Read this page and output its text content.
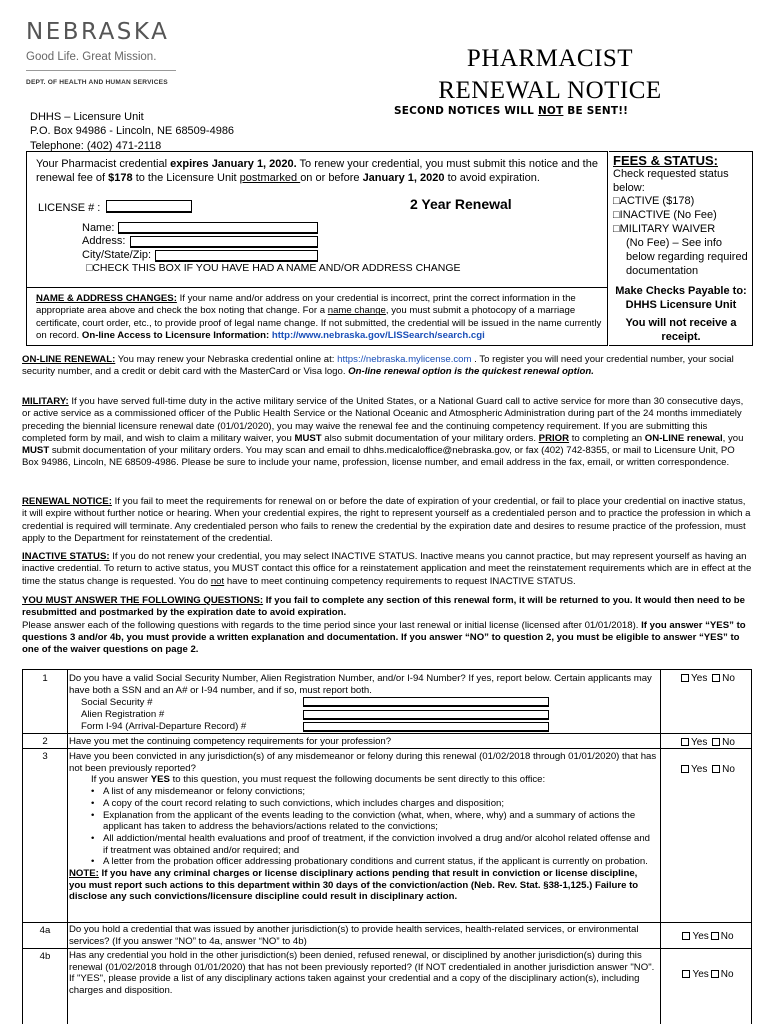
NEBRASKA
Good Life. Great Mission.
DEPT. OF HEALTH AND HUMAN SERVICES
PHARMACIST
RENEWAL NOTICE
SECOND NOTICES WILL NOT BE SENT!!
DHHS – Licensure Unit
P.O. Box 94986 - Lincoln, NE 68509-4986
Telephone: (402) 471-2118
Your Pharmacist credential expires January 1, 2020. To renew your credential, you must submit this notice and the renewal fee of $178 to the Licensure Unit postmarked on or before January 1, 2020 to avoid expiration.
LICENSE # :	2 Year Renewal
Name:
Address:
City/State/Zip:
□CHECK THIS BOX IF YOU HAVE HAD A NAME AND/OR ADDRESS CHANGE
NAME & ADDRESS CHANGES: If your name and/or address on your credential is incorrect, print the correct information in the appropriate area above and check the box noting that change. For a name change, you must submit a photocopy of a marriage certificate, court order, etc., to provide proof of legal name change. If not submitted, the credential will be issued in the name currently on record. On-line Access to Licensure Information: http://www.nebraska.gov/LISSearch/search.cgi
FEES & STATUS:
Check requested status below:
□ACTIVE ($178)
□INACTIVE (No Fee)
□MILITARY WAIVER
(No Fee) – See info below regarding required documentation
Make Checks Payable to: DHHS Licensure Unit
You will not receive a receipt.
ON-LINE RENEWAL: You may renew your Nebraska credential online at: https://nebraska.mylicense.com . To register you will need your credential number, your social security number, and a credit or debit card with the MasterCard or Visa logo. On-line renewal option is the quickest renewal option.
MILITARY: If you have served full-time duty in the active military service of the United States, or a National Guard call to active service for more than 30 consecutive days, or active service as a commissioned officer of the Public Health Service or the National Oceanic and Atmospheric Administration during part of the 24 months immediately preceding the biennial licensure renewal date (01/01/2020), you may waive the renewal fee and the continuing competency requirement. If you are submitting this completed form by mail, and wish to claim a military waiver, you MUST also submit documentation of your military orders. PRIOR to completing an ON-LINE renewal, you MUST submit documentation of your military orders. You may scan and email to dhhs.medicaloffice@nebraska.gov, or fax (402) 742-8355, or mail to Licensure Unit, PO Box 94986, Lincoln, NE 68509-4986. Please be sure to include your name, profession, license number, and email address in the fax, email, or written correspondence.
RENEWAL NOTICE: If you fail to meet the requirements for renewal on or before the date of expiration of your credential, or fail to place your credential on inactive status, it will expire without further notice or hearing. When your credential expires, the right to represent yourself as a credentialed person and to practice the profession in which a credential is required will terminate. Any credentialed person who fails to renew the credential by the expiration date and desires to resume practice of the profession, must apply to the Department for reinstatement of the credential.
INACTIVE STATUS: If you do not renew your credential, you may select INACTIVE STATUS. Inactive means you cannot practice, but may represent yourself as having an inactive credential. To return to active status, you MUST contact this office for a reinstatement application and meet the reinstatement requirements which are in effect at the time the status change is requested. You do not have to meet continuing competency requirements to request INACTIVE STATUS.
YOU MUST ANSWER THE FOLLOWING QUESTIONS: If you fail to complete any section of this renewal form, it will be returned to you. It would then need to be resubmitted and postmarked by the expiration date to avoid expiration.
Please answer each of the following questions with regards to the time period since your last renewal or initial license (licensed after 01/01/2018). If you answer “YES” to questions 3 and/or 4b, you must provide a written explanation and documentation. If you answer “NO” to question 2, you must be eligible to answer “YES” to one of the waiver questions on page 2.
1	Do you have a valid Social Security Number, Alien Registration Number, and/or I-94 Number? If yes, report below. Certain applicants may have both a SSN and an A# or I-94 number, and if so, must report both.
Social Security #
Alien Registration #
Form I-94 (Arrival-Departure Record) #
Yes No
2	Have you met the continuing competency requirements for your profession?	Yes No
3	Have you been convicted in any jurisdiction(s) of any misdemeanor or felony during this renewal (01/02/2018 through 01/01/2020) that has not been previously reported?
If you answer YES to this question, you must request the following documents be sent directly to this office:
• A list of any misdemeanor or felony convictions;
• A copy of the court record relating to such convictions, which includes charges and disposition;
• Explanation from the applicant of the events leading to the conviction (what, when, where, why) and a summary of actions the applicant has taken to address the behaviors/actions related to the convictions;
• All addiction/mental health evaluations and proof of treatment, if the conviction involved a drug and/or alcohol related offense and if treatment was obtained and/or required; and
• A letter from the probation officer addressing probationary conditions and current status, if the applicant is currently on probation.
NOTE: If you have any criminal charges or license disciplinary actions pending that result in conviction or license discipline, you must report such actions to this department within 30 days of the conviction/action (Neb. Rev. Stat. §38-1,125.) Failure to disclose any such convictions/licensure discipline could result in disciplinary action.
Yes No
4a	Do you hold a credential that was issued by another jurisdiction(s) to provide health services, health-related services, or environmental services? (If you answer “NO” to 4a, answer “NO” to 4b)	Yes No
4b	Has any credential you hold in the other jurisdiction(s) been denied, refused renewal, or disciplined by another jurisdiction(s) during this renewal (01/02/2018 through 01/01/2020) that has not been previously reported? (If NOT credentialed in another jurisdiction answer "NO". If "YES", please provide a list of any disciplinary actions taken against your credential and a copy of the disciplinary action(s), including charges and disposition.
Yes No
